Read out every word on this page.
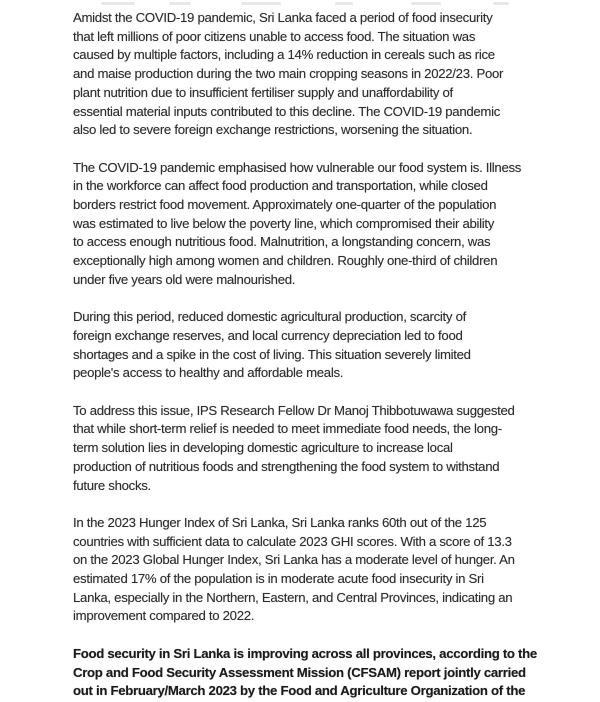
Amidst the COVID-19 pandemic, Sri Lanka faced a period of food insecurity
that left millions of poor citizens unable to access food. The situation was
caused by multiple factors, including a 14% reduction in cereals such as rice
and maise production during the two main cropping seasons in 2022/23. Poor
plant nutrition due to insufficient fertiliser supply and unaffordability of
essential material inputs contributed to this decline. The COVID-19 pandemic
also led to severe foreign exchange restrictions, worsening the situation.
The COVID-19 pandemic emphasised how vulnerable our food system is. Illness
in the workforce can affect food production and transportation, while closed
borders restrict food movement. Approximately one-quarter of the population
was estimated to live below the poverty line, which compromised their ability
to access enough nutritious food. Malnutrition, a longstanding concern, was
exceptionally high among women and children. Roughly one-third of children
under five years old were malnourished.
During this period, reduced domestic agricultural production, scarcity of
foreign exchange reserves, and local currency depreciation led to food
shortages and a spike in the cost of living. This situation severely limited
people's access to healthy and affordable meals.
To address this issue, IPS Research Fellow Dr Manoj Thibbotuwawa suggested
that while short-term relief is needed to meet immediate food needs, the long-
term solution lies in developing domestic agriculture to increase local
production of nutritious foods and strengthening the food system to withstand
future shocks.
In the 2023 Hunger Index of Sri Lanka, Sri Lanka ranks 60th out of the 125
countries with sufficient data to calculate 2023 GHI scores. With a score of 13.3
on the 2023 Global Hunger Index, Sri Lanka has a moderate level of hunger. An
estimated 17% of the population is in moderate acute food insecurity in Sri
Lanka, especially in the Northern, Eastern, and Central Provinces, indicating an
improvement compared to 2022.
Food security in Sri Lanka is improving across all provinces, according to the
Crop and Food Security Assessment Mission (CFSAM) report jointly carried
out in February/March 2023 by the Food and Agriculture Organization of the
